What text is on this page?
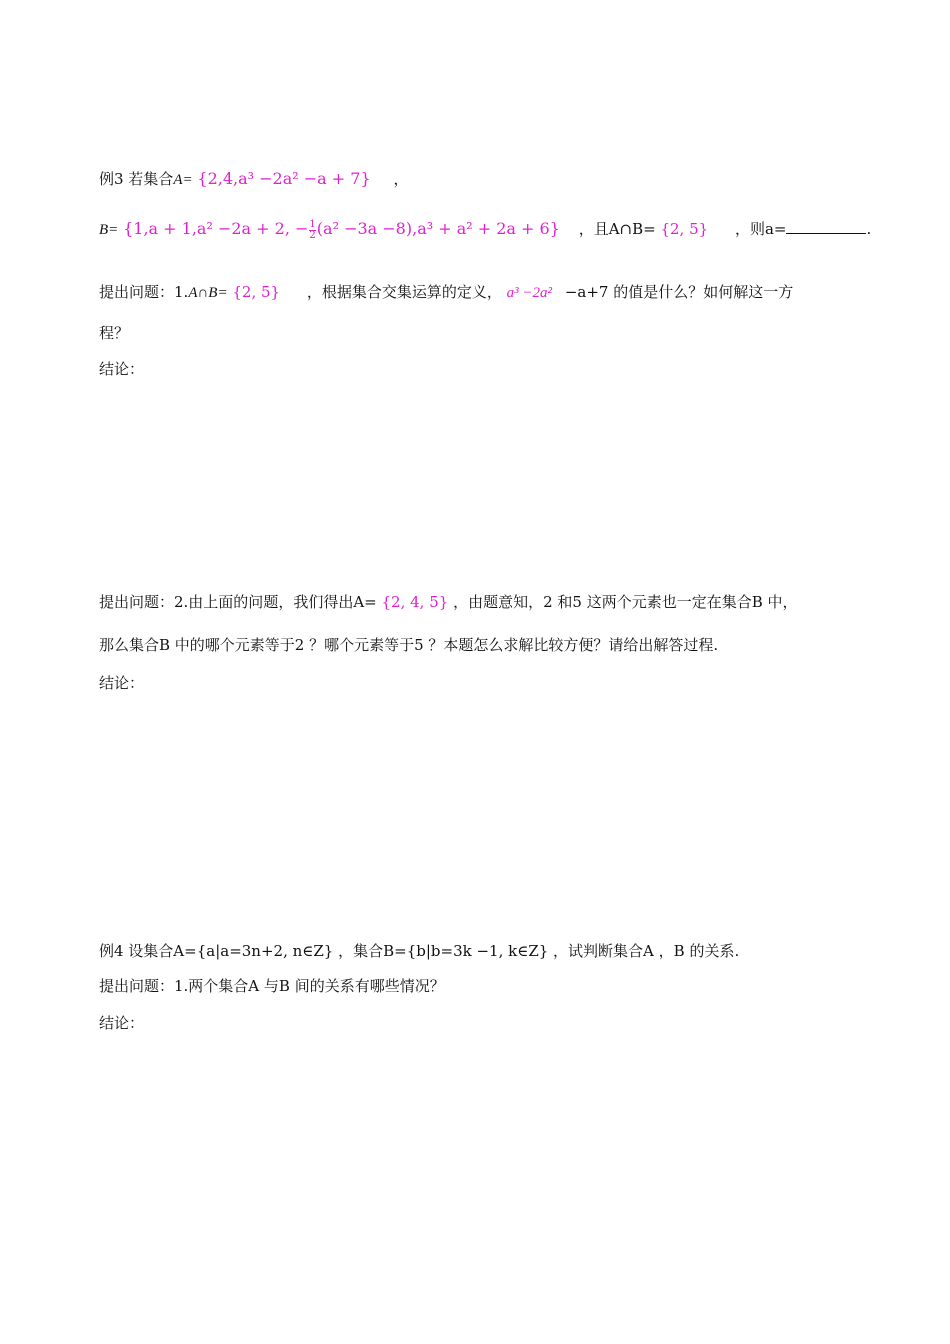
例3 若集合A= {2,4,a³ −2a² −a + 7} ，
B= {1,a + 1,a² −2a + 2, − $\frac{1}{2} (a^2 -3a -8),a^3 + a^2 + 2a + 6$} ，且A∩B= {2, 5} ，则a=	.
提出问题：1.A∩B= {2, 5} ，根据集合交集运算的定义， a³ −2a² −a+7 的值是什么？如何解这一方
程？
结论：
提出问题：2.由上面的问题，我们得出A= {2, 4, 5} ，由题意知，2 和5 这两个元素也一定在集合B 中，
那么集合B 中的哪个元素等于2 ？哪个元素等于5 ？本题怎么求解比较方便？请给出解答过程.
结论：
例4 设集合A={a|a=3n+2, n∈Z} ，集合B={b|b=3k −1, k∈Z} ，试判断集合A ，B 的关系.
提出问题：1.两个集合A 与B 间的关系有哪些情况？
结论：
